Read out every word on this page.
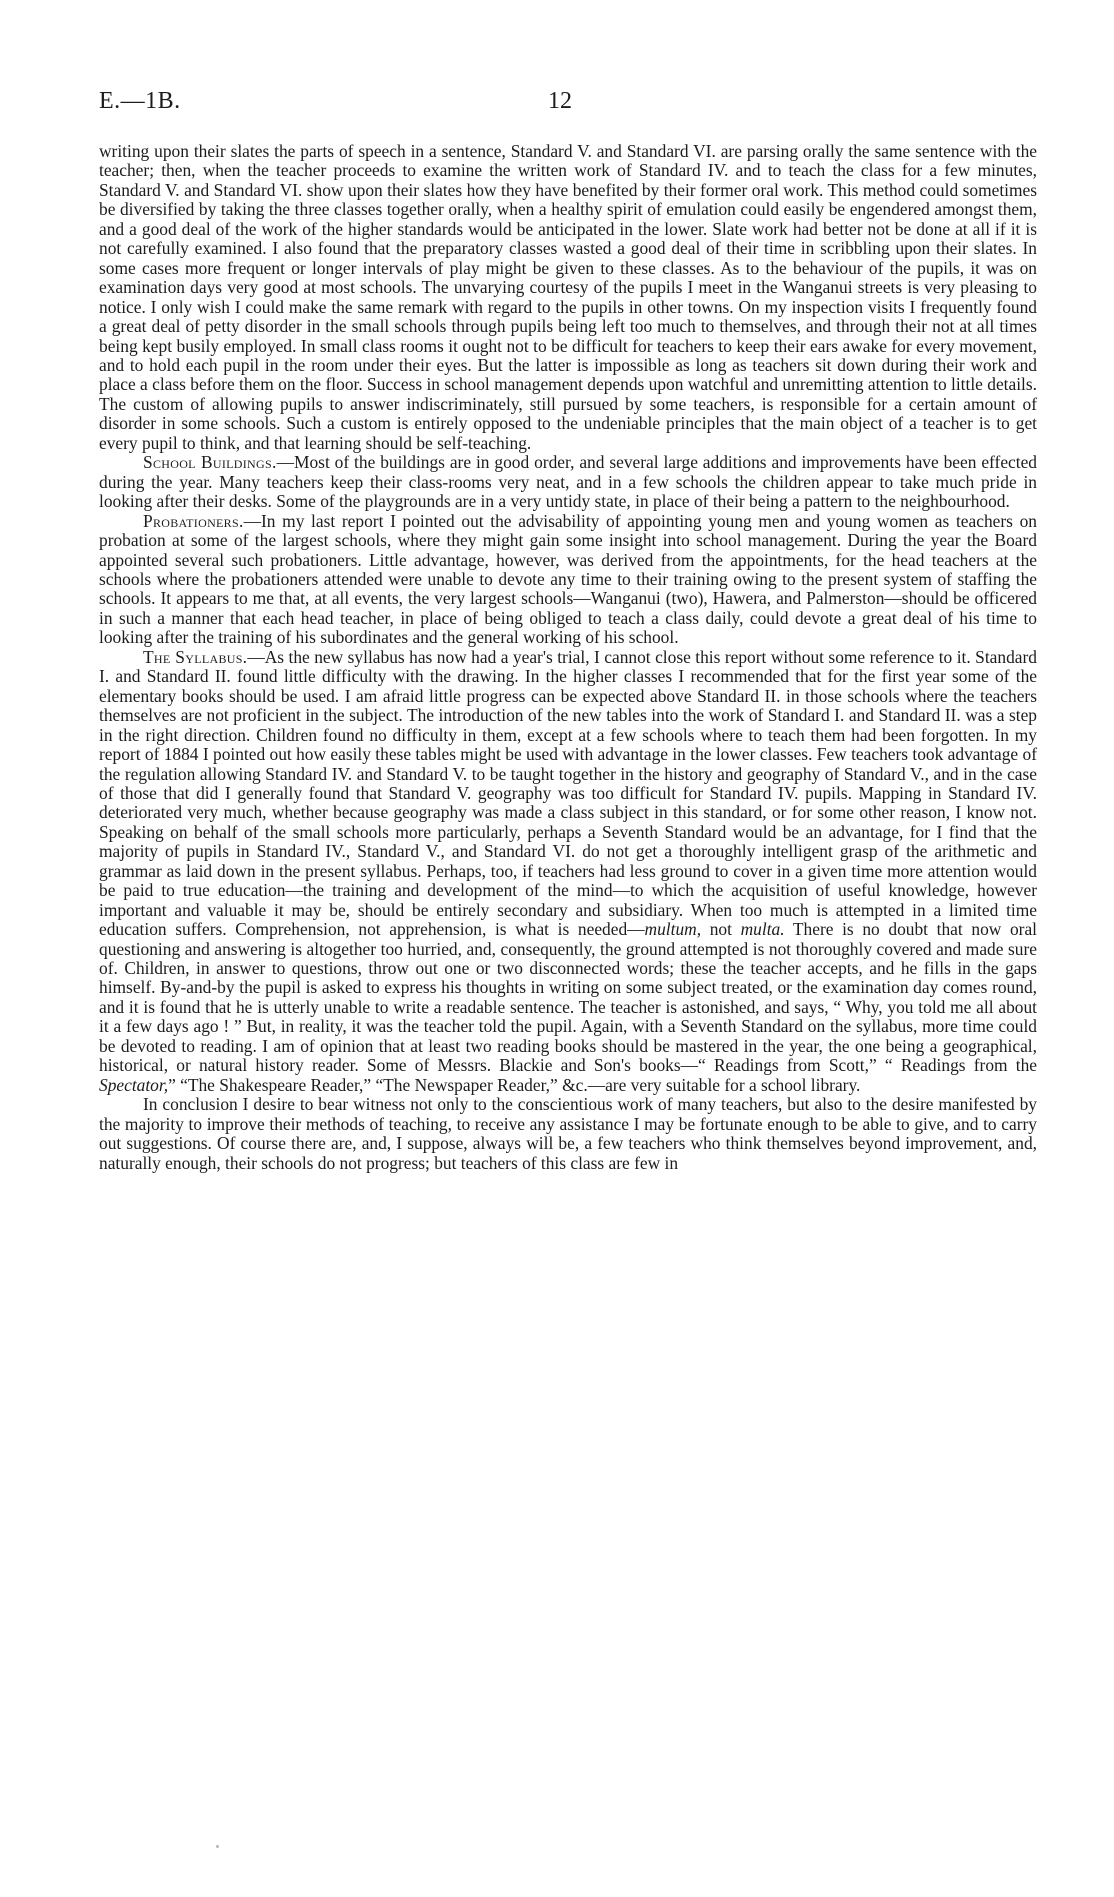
E.—1B.	12

writing upon their slates the parts of speech in a sentence, Standard V. and Standard VI. are parsing orally the same sentence with the teacher; then, when the teacher proceeds to examine the written work of Standard IV. and to teach the class for a few minutes, Standard V. and Standard VI. show upon their slates how they have benefited by their former oral work. This method could sometimes be diversified by taking the three classes together orally, when a healthy spirit of emulation could easily be engendered amongst them, and a good deal of the work of the higher standards would be anticipated in the lower. Slate work had better not be done at all if it is not carefully examined. I also found that the preparatory classes wasted a good deal of their time in scribbling upon their slates. In some cases more frequent or longer intervals of play might be given to these classes. As to the behaviour of the pupils, it was on examination days very good at most schools. The unvarying courtesy of the pupils I meet in the Wanganui streets is very pleasing to notice. I only wish I could make the same remark with regard to the pupils in other towns. On my inspection visits I frequently found a great deal of petty disorder in the small schools through pupils being left too much to themselves, and through their not at all times being kept busily employed. In small class rooms it ought not to be difficult for teachers to keep their ears awake for every movement, and to hold each pupil in the room under their eyes. But the latter is impossible as long as teachers sit down during their work and place a class before them on the floor. Success in school management depends upon watchful and unremitting attention to little details. The custom of allowing pupils to answer indiscriminately, still pursued by some teachers, is responsible for a certain amount of disorder in some schools. Such a custom is entirely opposed to the undeniable principles that the main object of a teacher is to get every pupil to think, and that learning should be self-teaching.

School Buildings.—Most of the buildings are in good order, and several large additions and improvements have been effected during the year. Many teachers keep their class-rooms very neat, and in a few schools the children appear to take much pride in looking after their desks. Some of the playgrounds are in a very untidy state, in place of their being a pattern to the neighbourhood.

Probationers.—In my last report I pointed out the advisability of appointing young men and young women as teachers on probation at some of the largest schools, where they might gain some insight into school management. During the year the Board appointed several such probationers. Little advantage, however, was derived from the appointments, for the head teachers at the schools where the probationers attended were unable to devote any time to their training owing to the present system of staffing the schools. It appears to me that, at all events, the very largest schools—Wanganui (two), Hawera, and Palmerston—should be officered in such a manner that each head teacher, in place of being obliged to teach a class daily, could devote a great deal of his time to looking after the training of his subordinates and the general working of his school.

The Syllabus.—As the new syllabus has now had a year's trial, I cannot close this report without some reference to it. Standard I. and Standard II. found little difficulty with the drawing. In the higher classes I recommended that for the first year some of the elementary books should be used. I am afraid little progress can be expected above Standard II. in those schools where the teachers themselves are not proficient in the subject. The introduction of the new tables into the work of Standard I. and Standard II. was a step in the right direction. Children found no difficulty in them, except at a few schools where to teach them had been forgotten. In my report of 1884 I pointed out how easily these tables might be used with advantage in the lower classes. Few teachers took advantage of the regulation allowing Standard IV. and Standard V. to be taught together in the history and geography of Standard V., and in the case of those that did I generally found that Standard V. geography was too difficult for Standard IV. pupils. Mapping in Standard IV. deteriorated very much, whether because geography was made a class subject in this standard, or for some other reason, I know not. Speaking on behalf of the small schools more particularly, perhaps a Seventh Standard would be an advantage, for I find that the majority of pupils in Standard IV., Standard V., and Standard VI. do not get a thoroughly intelligent grasp of the arithmetic and grammar as laid down in the present syllabus. Perhaps, too, if teachers had less ground to cover in a given time more attention would be paid to true education—the training and development of the mind—to which the acquisition of useful knowledge, however important and valuable it may be, should be entirely secondary and subsidiary. When too much is attempted in a limited time education suffers. Comprehension, not apprehension, is what is needed—multum, not multa. There is no doubt that now oral questioning and answering is altogether too hurried, and, consequently, the ground attempted is not thoroughly covered and made sure of. Children, in answer to questions, throw out one or two disconnected words; these the teacher accepts, and he fills in the gaps himself. By-and-by the pupil is asked to express his thoughts in writing on some subject treated, or the examination day comes round, and it is found that he is utterly unable to write a readable sentence. The teacher is astonished, and says, “ Why, you told me all about it a few days ago ! ” But, in reality, it was the teacher told the pupil. Again, with a Seventh Standard on the syllabus, more time could be devoted to reading. I am of opinion that at least two reading books should be mastered in the year, the one being a geographical, historical, or natural history reader. Some of Messrs. Blackie and Son's books—“ Readings from Scott,” “ Readings from the Spectator,” “The Shakespeare Reader,” “The Newspaper Reader,” &c.—are very suitable for a school library.

In conclusion I desire to bear witness not only to the conscientious work of many teachers, but also to the desire manifested by the majority to improve their methods of teaching, to receive any assistance I may be fortunate enough to be able to give, and to carry out suggestions. Of course there are, and, I suppose, always will be, a few teachers who think themselves beyond improvement, and, naturally enough, their schools do not progress; but teachers of this class are few in
